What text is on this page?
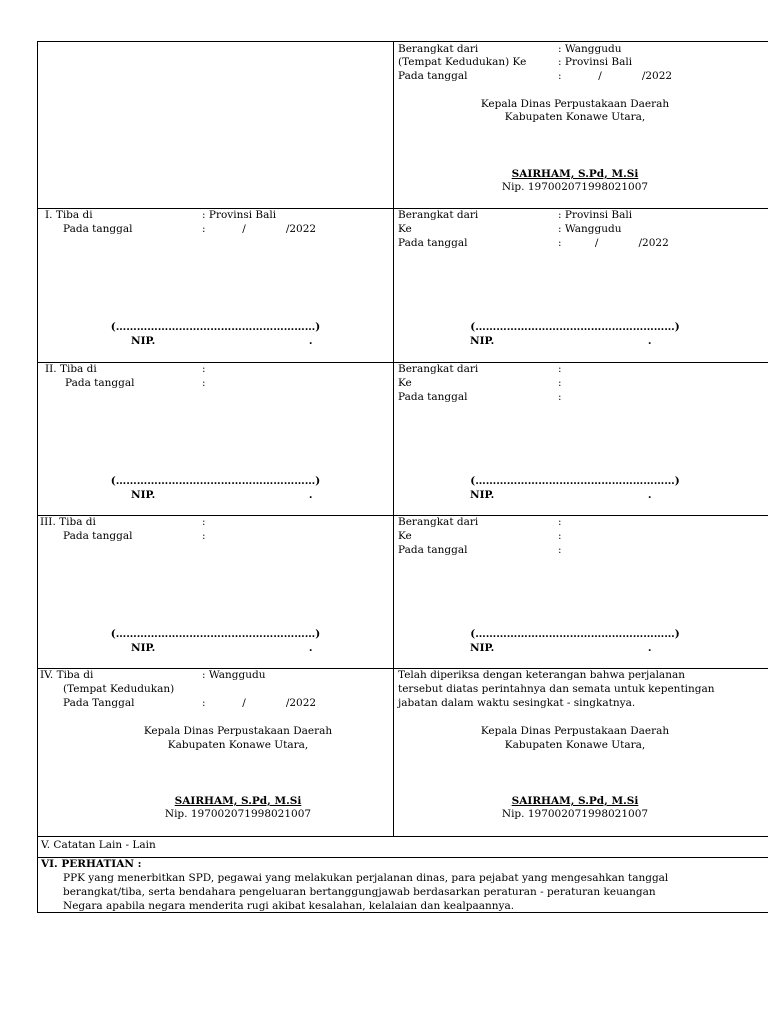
Berangkat dari	: Wanggudu
(Tempat Kedudukan) Ke	: Provinsi Bali
Pada tanggal	:           /            /2022
Kepala Dinas Perpustakaan Daerah
Kabupaten Konawe Utara,
SAIRHAM, S.Pd, M.Si
Nip. 197002071998021007
I. Tiba di	: Provinsi Bali
Pada tanggal	:           /            /2022
(…………………………………………………)
NIP.                                          .
Berangkat dari	: Provinsi Bali
Ke	: Wanggudu
Pada tanggal	:          /            /2022
(…………………………………………………)
NIP.                                          .
II. Tiba di	:
Pada tanggal	:
(…………………………………………………)
NIP.                                          .
Berangkat dari	:
Ke	:
Pada tanggal	:
(…………………………………………………)
NIP.                                          .
III. Tiba di	:
Pada tanggal	:
(…………………………………………………)
NIP.                                          .
Berangkat dari	:
Ke	:
Pada tanggal	:
(…………………………………………………)
NIP.                                          .
IV. Tiba di	: Wanggudu
(Tempat Kedudukan)
Pada Tanggal	:           /            /2022
Kepala Dinas Perpustakaan Daerah
Kabupaten Konawe Utara,
SAIRHAM, S.Pd, M.Si
Nip. 197002071998021007
Telah diperiksa dengan keterangan bahwa perjalanan
tersebut diatas perintahnya dan semata untuk kepentingan
jabatan dalam waktu sesingkat - singkatnya.
Kepala Dinas Perpustakaan Daerah
Kabupaten Konawe Utara,
SAIRHAM, S.Pd, M.Si
Nip. 197002071998021007
V. Catatan Lain - Lain
VI. PERHATIAN :
PPK yang menerbitkan SPD, pegawai yang melakukan perjalanan dinas, para pejabat yang mengesahkan tanggal
berangkat/tiba, serta bendahara pengeluaran bertanggungjawab berdasarkan peraturan - peraturan keuangan
Negara apabila negara menderita rugi akibat kesalahan, kelalaian dan kealpaannya.
